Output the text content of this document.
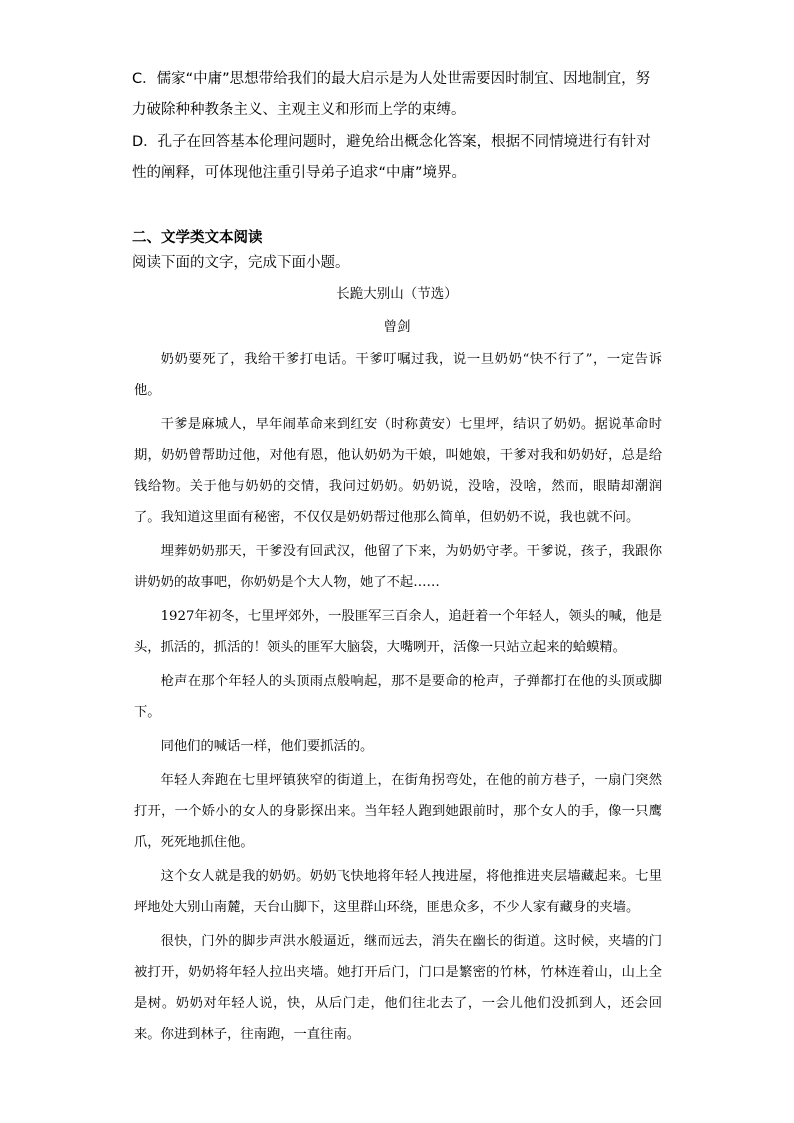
C．儒家“中庸”思想带给我们的最大启示是为人处世需要因时制宜、因地制宜，努力破除种种教条主义、主观主义和形而上学的束缚。

D．孔子在回答基本伦理问题时，避免给出概念化答案，根据不同情境进行有针对性的阐释，可体现他注重引导弟子追求“中庸”境界。

二、文学类文本阅读

阅读下面的文字，完成下面小题。

长跪大别山（节选）

曾剑

奶奶要死了，我给干爹打电话。干爹叮嘱过我，说一旦奶奶“快不行了”，一定告诉他。

干爹是麻城人，早年闹革命来到红安（时称黄安）七里坪，结识了奶奶。据说革命时期，奶奶曾帮助过他，对他有恩，他认奶奶为干娘，叫她娘，干爹对我和奶奶好，总是给钱给物。关于他与奶奶的交情，我问过奶奶。奶奶说，没啥，没啥，然而，眼睛却潮润了。我知道这里面有秘密，不仅仅是奶奶帮过他那么简单，但奶奶不说，我也就不问。

埋葬奶奶那天，干爹没有回武汉，他留了下来，为奶奶守孝。干爹说，孩子，我跟你讲奶奶的故事吧，你奶奶是个大人物，她了不起……

1927年初冬，七里坪郊外，一股匪军三百余人，追赶着一个年轻人，领头的喊，他是头，抓活的，抓活的！领头的匪军大脑袋，大嘴咧开，活像一只站立起来的蛤蟆精。

枪声在那个年轻人的头顶雨点般响起，那不是要命的枪声，子弹都打在他的头顶或脚下。

同他们的喊话一样，他们要抓活的。

年轻人奔跑在七里坪镇狭窄的街道上，在街角拐弯处，在他的前方巷子，一扇门突然打开，一个娇小的女人的身影探出来。当年轻人跑到她跟前时，那个女人的手，像一只鹰爪，死死地抓住他。

这个女人就是我的奶奶。奶奶飞快地将年轻人拽进屋，将他推进夹层墙藏起来。七里坪地处大别山南麓，天台山脚下，这里群山环绕，匪患众多，不少人家有藏身的夹墙。

很快，门外的脚步声洪水般逼近，继而远去，消失在幽长的街道。这时候，夹墙的门被打开，奶奶将年轻人拉出夹墙。她打开后门，门口是繁密的竹林，竹林连着山，山上全是树。奶奶对年轻人说，快，从后门走，他们往北去了，一会儿他们没抓到人，还会回来。你进到林子，往南跑，一直往南。
